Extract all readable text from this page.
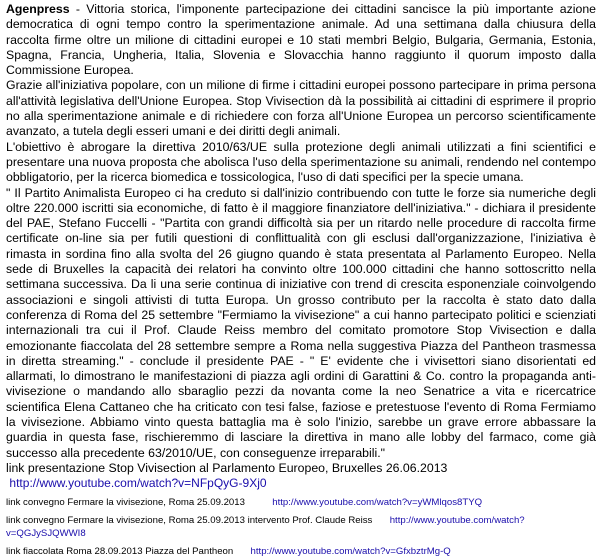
Agenpress - Vittoria storica, l'imponente partecipazione dei cittadini sancisce la più importante azione democratica di ogni tempo contro la sperimentazione animale. Ad una settimana dalla chiusura della raccolta firme oltre un milione di cittadini europei e 10 stati membri Belgio, Bulgaria, Germania, Estonia, Spagna, Francia, Ungheria, Italia, Slovenia e Slovacchia hanno raggiunto il quorum imposto dalla Commissione Europea.

Grazie all'iniziativa popolare, con un milione di firme i cittadini europei possono partecipare in prima persona all'attività legislativa dell'Unione Europea. Stop Vivisection dà la possibilità ai cittadini di esprimere il proprio no alla sperimentazione animale e di richiedere con forza all'Unione Europea un percorso scientificamente avanzato, a tutela degli esseri umani e dei diritti degli animali.

L'obiettivo è abrogare la direttiva 2010/63/UE sulla protezione degli animali utilizzati a fini scientifici e presentare una nuova proposta che abolisca l'uso della sperimentazione su animali, rendendo nel contempo obbligatorio, per la ricerca biomedica e tossicologica, l'uso di dati specifici per la specie umana.

" Il Partito Animalista Europeo ci ha creduto si dall'inizio contribuendo con tutte le forze sia numeriche degli oltre 220.000 iscritti sia economiche, di fatto è il maggiore finanziatore dell'iniziativa." - dichiara il presidente del PAE, Stefano Fuccelli - "Partita con grandi difficoltà sia per un ritardo nelle procedure di raccolta firme certificate on-line sia per futili questioni di conflittualità con gli esclusi dall'organizzazione, l'iniziativa è rimasta in sordina fino alla svolta del 26 giugno quando è stata presentata al Parlamento Europeo. Nella sede di Bruxelles la capacità dei relatori ha convinto oltre 100.000 cittadini che hanno sottoscritto nella settimana successiva. Da li una serie continua di iniziative con trend di crescita esponenziale coinvolgendo associazioni e singoli attivisti di tutta Europa. Un grosso contributo per la raccolta è stato dato dalla conferenza di Roma del 25 settembre "Fermiamo la vivisezione" a cui hanno partecipato politici e scienziati internazionali tra cui il Prof. Claude Reiss membro del comitato promotore Stop Vivisection e dalla emozionante fiaccolata del 28 settembre sempre a Roma nella suggestiva Piazza del Pantheon trasmessa in diretta streaming." - conclude il presidente PAE - " E' evidente che i vivisettori siano disorientati ed allarmati, lo dimostrano le manifestazioni di piazza agli ordini di Garattini & Co. contro la propaganda anti-vivisezione o mandando allo sbaraglio pezzi da novanta come la neo Senatrice a vita e ricercatrice scientifica Elena Cattaneo che ha criticato con tesi false, faziose e pretestuose l'evento di Roma Fermiamo la vivisezione. Abbiamo vinto questa battaglia ma è solo l'inizio, sarebbe un grave errore abbassare la guardia in questa fase, rischieremmo di lasciare la direttiva in mano alle lobby del farmaco, come già successo alla precedente 63/2010/UE, con conseguenze irreparabili."

link presentazione Stop Vivisection al Parlamento Europeo, Bruxelles 26.06.2013
http://www.youtube.com/watch?v=NFpQyG-9Xj0

link convegno Fermare la vivisezione, Roma 25.09.2013	http://www.youtube.com/watch?v=yWMlqos8TYQ

link convegno Fermare la vivisezione, Roma 25.09.2013 intervento Prof. Claude Reiss http://www.youtube.com/watch?v=QGJySJQWWI8

link fiaccolata Roma 28.09.2013 Piazza del Pantheon http://www.youtube.com/watch?v=GfxbztrMg-Q
